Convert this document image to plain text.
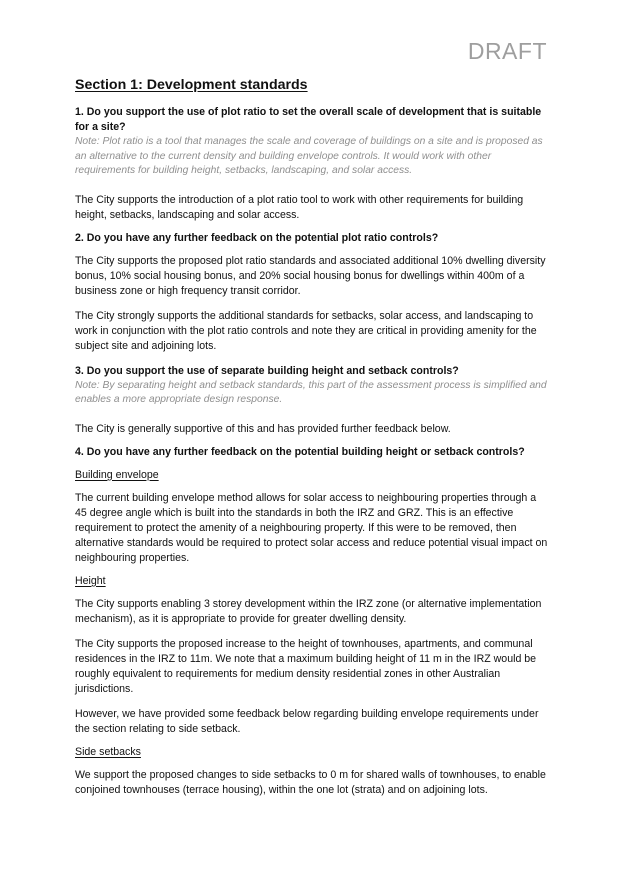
DRAFT
Section 1: Development standards

1. Do you support the use of plot ratio to set the overall scale of development that is suitable for a site?

Note: Plot ratio is a tool that manages the scale and coverage of buildings on a site and is proposed as an alternative to the current density and building envelope controls. It would work with other requirements for building height, setbacks, landscaping, and solar access.

The City supports the introduction of a plot ratio tool to work with other requirements for building height, setbacks, landscaping and solar access.

2. Do you have any further feedback on the potential plot ratio controls?

The City supports the proposed plot ratio standards and associated additional 10% dwelling diversity bonus, 10% social housing bonus, and 20% social housing bonus for dwellings within 400m of a business zone or high frequency transit corridor.

The City strongly supports the additional standards for setbacks, solar access, and landscaping to work in conjunction with the plot ratio controls and note they are critical in providing amenity for the subject site and adjoining lots.

3. Do you support the use of separate building height and setback controls?

Note: By separating height and setback standards, this part of the assessment process is simplified and enables a more appropriate design response.

The City is generally supportive of this and has provided further feedback below.

4. Do you have any further feedback on the potential building height or setback controls?

Building envelope

The current building envelope method allows for solar access to neighbouring properties through a 45 degree angle which is built into the standards in both the IRZ and GRZ. This is an effective requirement to protect the amenity of a neighbouring property. If this were to be removed, then alternative standards would be required to protect solar access and reduce potential visual impact on neighbouring properties.

Height

The City supports enabling 3 storey development within the IRZ zone (or alternative implementation mechanism), as it is appropriate to provide for greater dwelling density.

The City supports the proposed increase to the height of townhouses, apartments, and communal residences in the IRZ to 11m. We note that a maximum building height of 11 m in the IRZ would be roughly equivalent to requirements for medium density residential zones in other Australian jurisdictions.

However, we have provided some feedback below regarding building envelope requirements under the section relating to side setback.

Side setbacks

We support the proposed changes to side setbacks to 0 m for shared walls of townhouses, to enable conjoined townhouses (terrace housing), within the one lot (strata) and on adjoining lots.
